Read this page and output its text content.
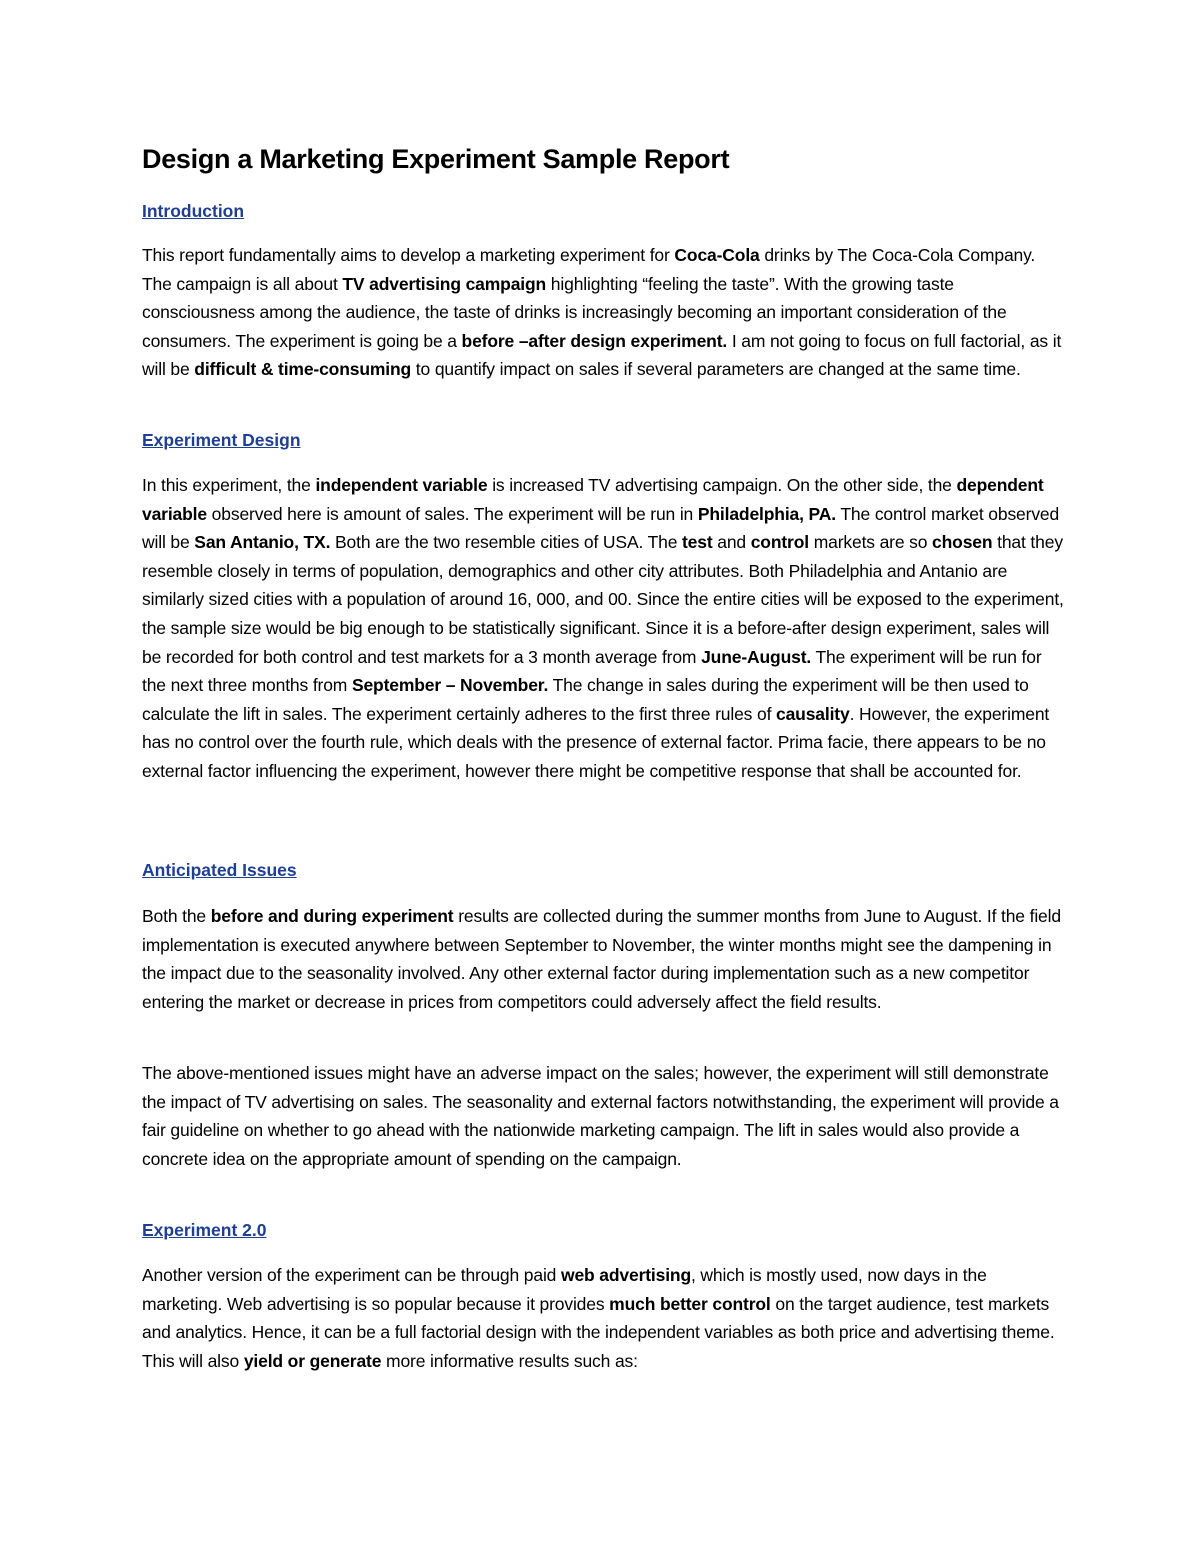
Design a Marketing Experiment Sample Report
Introduction

This report fundamentally aims to develop a marketing experiment for Coca-Cola drinks by The Coca-Cola Company. The campaign is all about TV advertising campaign highlighting “feeling the taste”. With the growing taste consciousness among the audience, the taste of drinks is increasingly becoming an important consideration of the consumers. The experiment is going be a before –after design experiment. I am not going to focus on full factorial, as it will be difficult & time-consuming to quantify impact on sales if several parameters are changed at the same time.

Experiment Design

In this experiment, the independent variable is increased TV advertising campaign. On the other side, the dependent variable observed here is amount of sales. The experiment will be run in Philadelphia, PA. The control market observed will be San Antanio, TX. Both are the two resemble cities of USA. The test and control markets are so chosen that they resemble closely in terms of population, demographics and other city attributes. Both Philadelphia and Antanio are similarly sized cities with a population of around 16, 000, and 00. Since the entire cities will be exposed to the experiment, the sample size would be big enough to be statistically significant. Since it is a before-after design experiment, sales will be recorded for both control and test markets for a 3 month average from June-August. The experiment will be run for the next three months from September – November. The change in sales during the experiment will be then used to calculate the lift in sales. The experiment certainly adheres to the first three rules of causality. However, the experiment has no control over the fourth rule, which deals with the presence of external factor. Prima facie, there appears to be no external factor influencing the experiment, however there might be competitive response that shall be accounted for.

Anticipated Issues

Both the before and during experiment results are collected during the summer months from June to August. If the field implementation is executed anywhere between September to November, the winter months might see the dampening in the impact due to the seasonality involved. Any other external factor during implementation such as a new competitor entering the market or decrease in prices from competitors could adversely affect the field results.

The above-mentioned issues might have an adverse impact on the sales; however, the experiment will still demonstrate the impact of TV advertising on sales. The seasonality and external factors notwithstanding, the experiment will provide a fair guideline on whether to go ahead with the nationwide marketing campaign. The lift in sales would also provide a concrete idea on the appropriate amount of spending on the campaign.

Experiment 2.0

Another version of the experiment can be through paid web advertising, which is mostly used, now days in the marketing. Web advertising is so popular because it provides much better control on the target audience, test markets and analytics. Hence, it can be a full factorial design with the independent variables as both price and advertising theme. This will also yield or generate more informative results such as:
